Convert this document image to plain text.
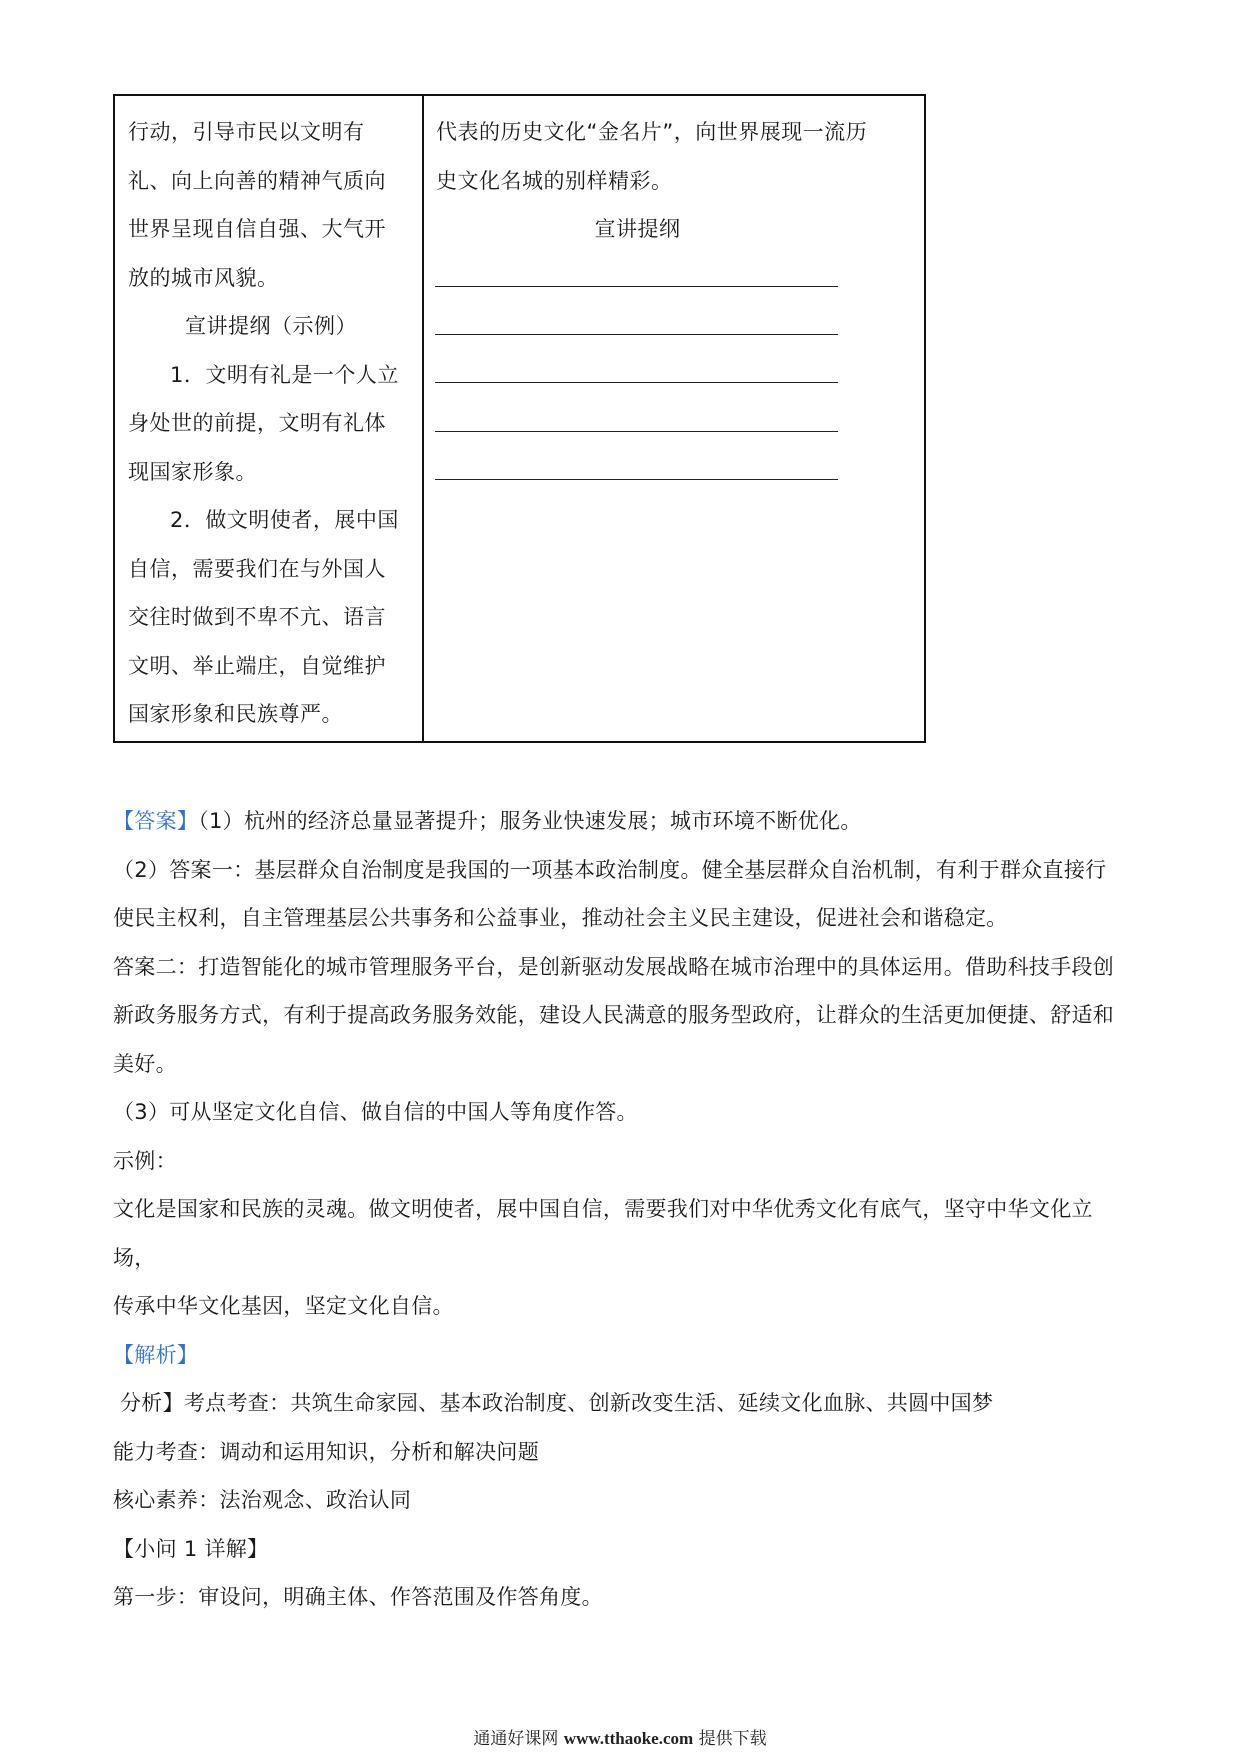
行动，引导市民以文明有

礼、向上向善的精神气质向

世界呈现自信自强、大气开

放的城市风貌。

宣讲提纲（示例）

1．文明有礼是一个人立

身处世的前提，文明有礼体

现国家形象。

2．做文明使者，展中国

自信，需要我们在与外国人

交往时做到不卑不亢、语言

文明、举止端庄，自觉维护

国家形象和民族尊严。

代表的历史文化“金名片”，向世界展现一流历

史文化名城的别样精彩。

宣讲提纲

【答案】（1）杭州的经济总量显著提升；服务业快速发展；城市环境不断优化。

（2）答案一：基层群众自治制度是我国的一项基本政治制度。健全基层群众自治机制，有利于群众直接行

使民主权利，自主管理基层公共事务和公益事业，推动社会主义民主建设，促进社会和谐稳定。

答案二：打造智能化的城市管理服务平台，是创新驱动发展战略在城市治理中的具体运用。借助科技手段创

新政务服务方式，有利于提高政务服务效能，建设人民满意的服务型政府，让群众的生活更加便捷、舒适和

美好。

（3）可从坚定文化自信、做自信的中国人等角度作答。

示例：

文化是国家和民族的灵魂。做文明使者，展中国自信，需要我们对中华优秀文化有底气，坚守中华文化立场，

传承中华文化基因，坚定文化自信。

【解析】

分析】考点考查：共筑生命家园、基本政治制度、创新改变生活、延续文化血脉、共圆中国梦

能力考查：调动和运用知识，分析和解决问题

核心素养：法治观念、政治认同

【小问 1 详解】

第一步：审设问，明确主体、作答范围及作答角度。

通通好课网 www.tthaoke.com 提供下载
